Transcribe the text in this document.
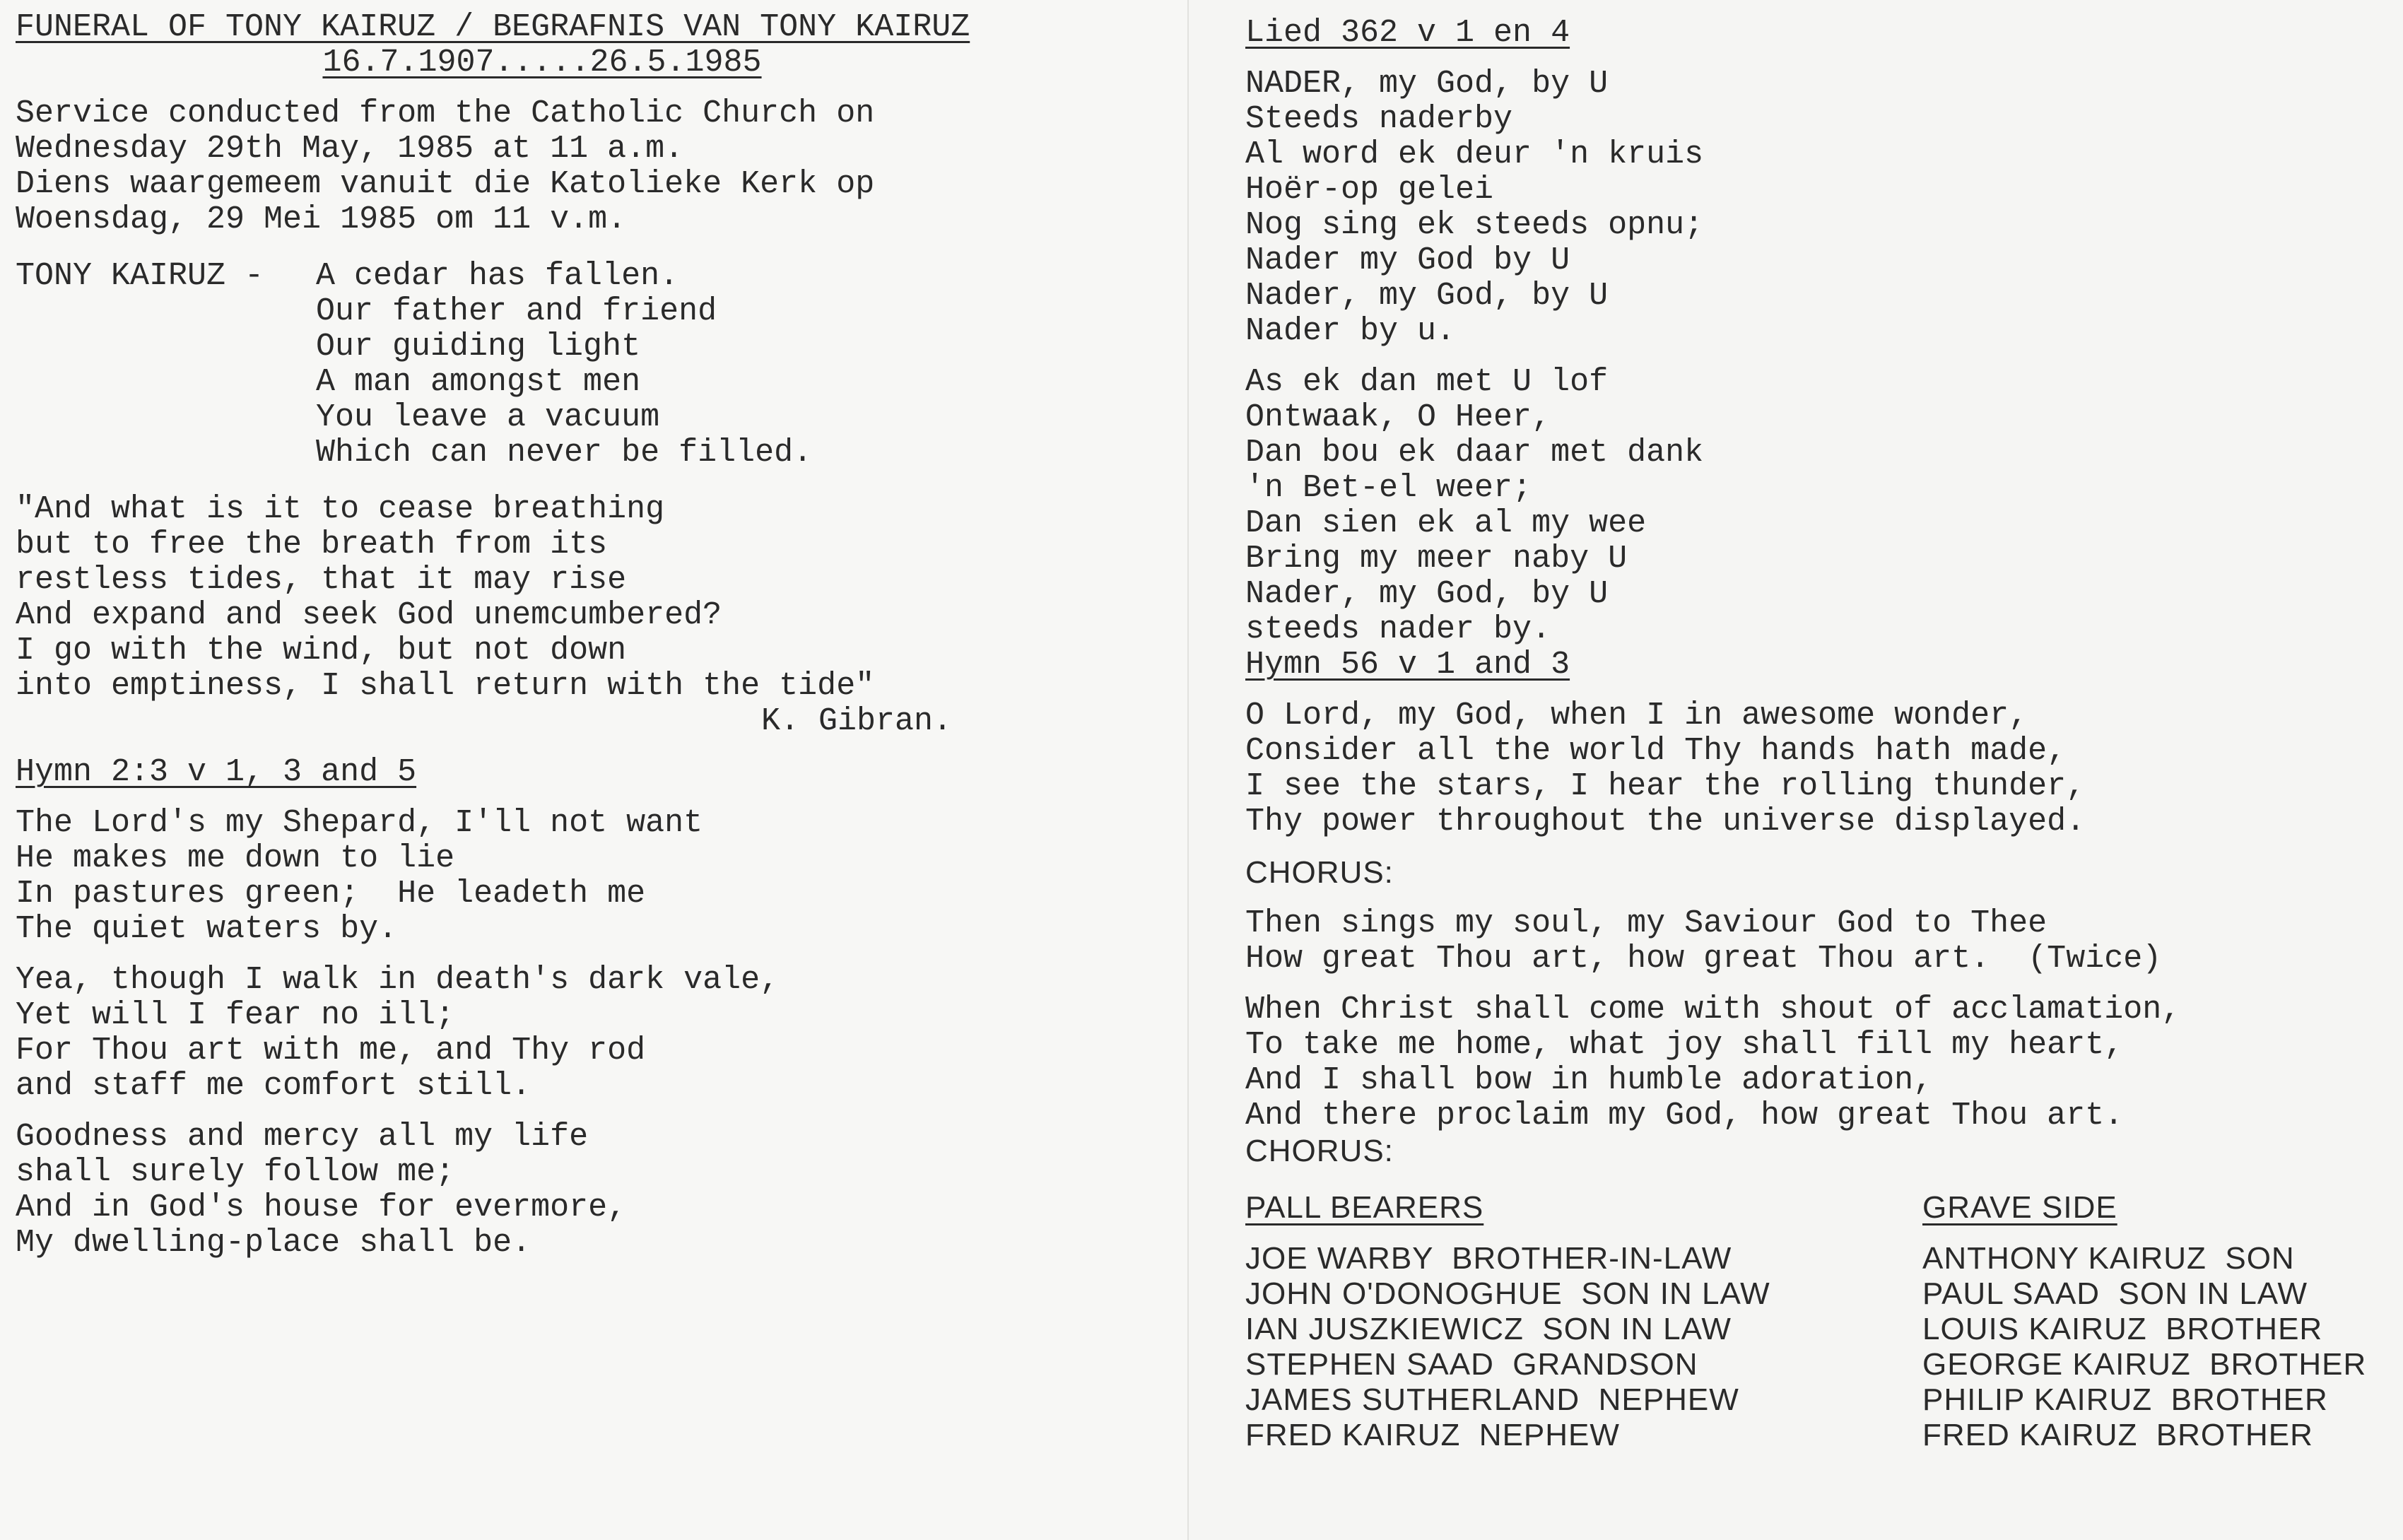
FUNERAL OF TONY KAIRUZ / BEGRAFNIS VAN TONY KAIRUZ
16.7.1907.....26.5.1985
Service conducted from the Catholic Church on
Wednesday 29th May, 1985 at 11 a.m.
Diens waargemeem vanuit die Katolieke Kerk op
Woensdag, 29 Mei 1985 om 11 v.m.
TONY KAIRUZ -	A cedar has fallen.
Our father and friend
Our guiding light
A man amongst men
You leave a vacuum
Which can never be filled.
"And what is it to cease breathing
but to free the breath from its
restless tides, that it may rise
And expand and seek God unemcumbered?
I go with the wind, but not down
into emptiness, I shall return with the tide"
K. Gibran.
Hymn 2:3 v 1, 3 and 5
The Lord's my Shepard, I'll not want
He makes me down to lie
In pastures green;  He leadeth me
The quiet waters by.
Yea, though I walk in death's dark vale,
Yet will I fear no ill;
For Thou art with me, and Thy rod
and staff me comfort still.
Goodness and mercy all my life
shall surely follow me;
And in God's house for evermore,
My dwelling-place shall be.
Lied 362 v 1 en 4
NADER, my God, by U
Steeds naderby
Al word ek deur 'n kruis
Hoër-op gelei
Nog sing ek steeds opnu;
Nader my God by U
Nader, my God, by U
Nader by u.
As ek dan met U lof
Ontwaak, O Heer,
Dan bou ek daar met dank
'n Bet-el weer;
Dan sien ek al my wee
Bring my meer naby U
Nader, my God, by U
steeds nader by.
Hymn 56 v 1 and 3
O Lord, my God, when I in awesome wonder,
Consider all the world Thy hands hath made,
I see the stars, I hear the rolling thunder,
Thy power throughout the universe displayed.
CHORUS:
Then sings my soul, my Saviour God to Thee
How great Thou art, how great Thou art.  (Twice)
When Christ shall come with shout of acclamation,
To take me home, what joy shall fill my heart,
And I shall bow in humble adoration,
And there proclaim my God, how great Thou art.
CHORUS:
PALL BEARERS
JOE WARBY  BROTHER-IN-LAW
JOHN O'DONOGHUE  SON IN LAW
IAN JUSZKIEWICZ  SON IN LAW
STEPHEN SAAD  GRANDSON
JAMES SUTHERLAND  NEPHEW
FRED KAIRUZ  NEPHEW
GRAVE SIDE
ANTHONY KAIRUZ  SON
PAUL SAAD  SON IN LAW
LOUIS KAIRUZ  BROTHER
GEORGE KAIRUZ  BROTHER
PHILIP KAIRUZ  BROTHER
FRED KAIRUZ  BROTHER
